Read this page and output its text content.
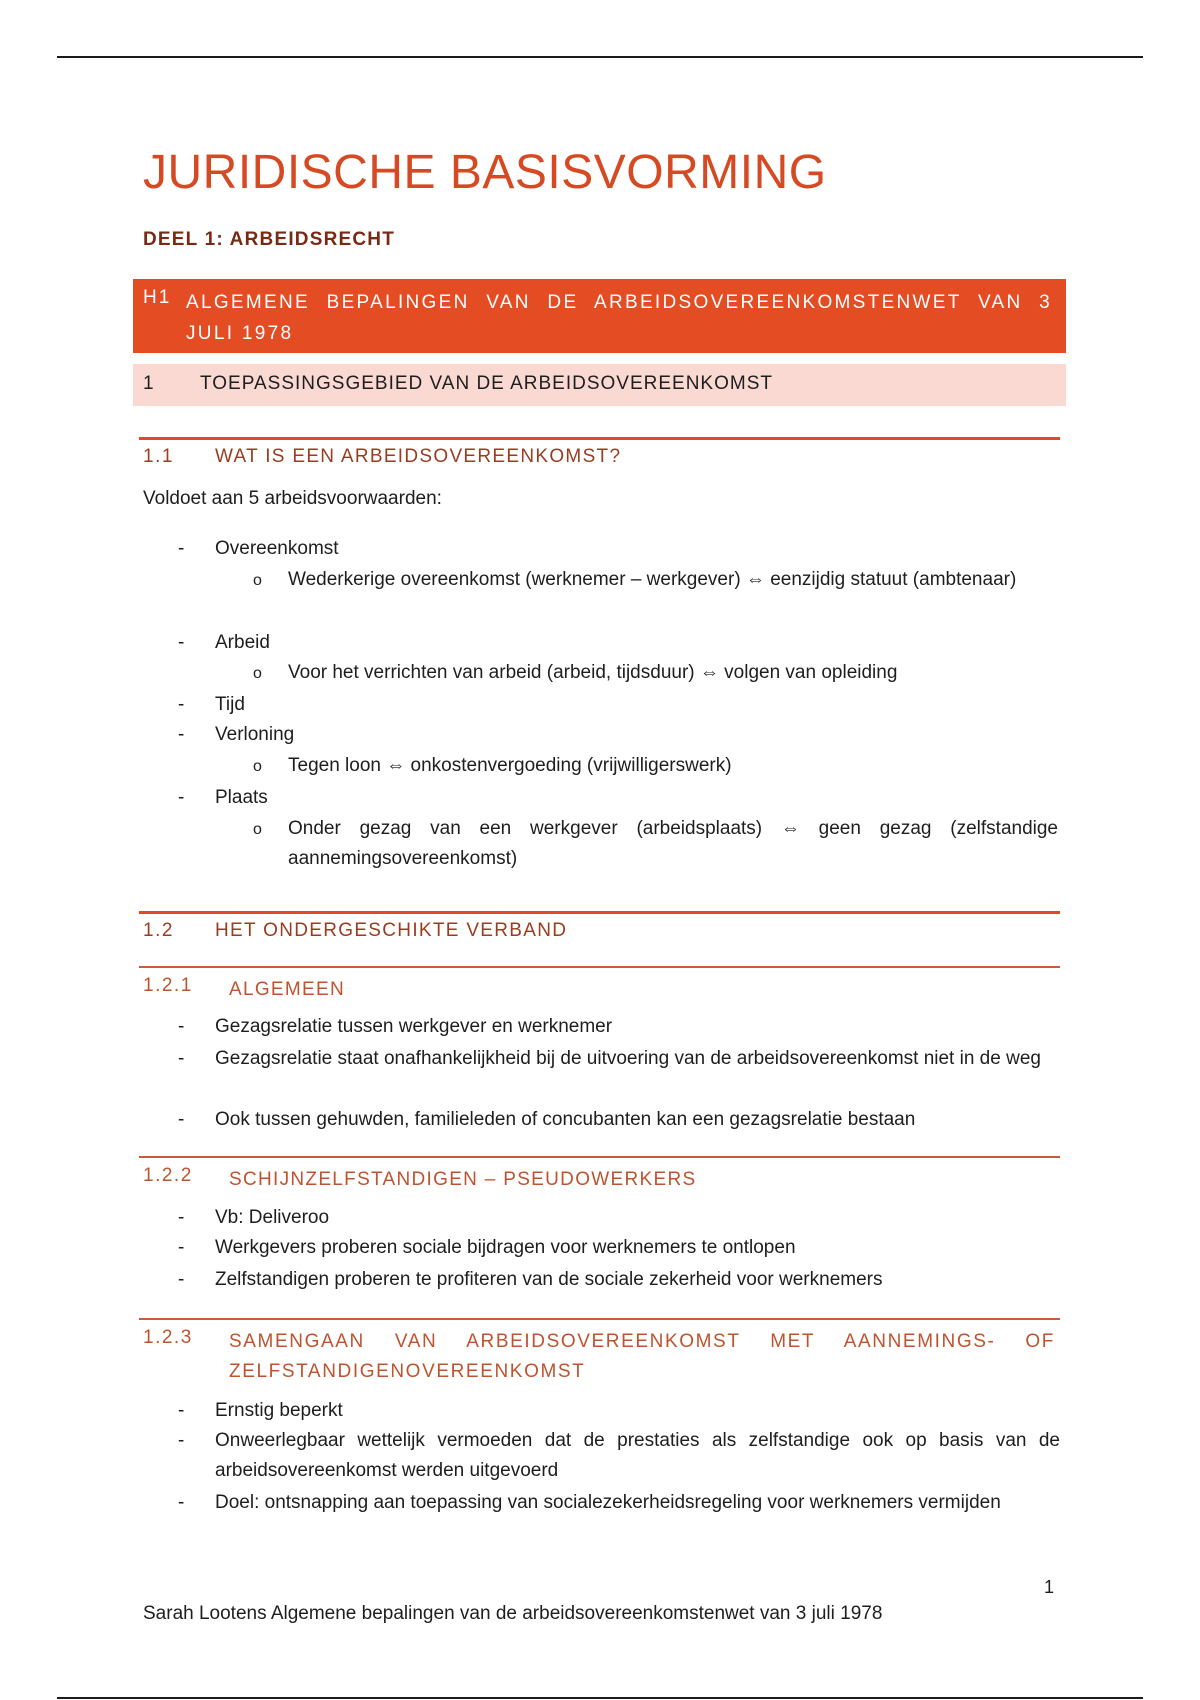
JURIDISCHE BASISVORMING
DEEL 1: ARBEIDSRECHT
H1 ALGEMENE BEPALINGEN VAN DE ARBEIDSOVEREENKOMSTENWET VAN 3 JULI 1978
1 TOEPASSINGSGEBIED VAN DE ARBEIDSOVEREENKOMST
1.1 WAT IS EEN ARBEIDSOVEREENKOMST?
Voldoet aan 5 arbeidsvoorwaarden:
- Overeenkomst
o Wederkerige overeenkomst (werknemer – werkgever) ⇔ eenzijdig statuut (ambtenaar)
- Arbeid
o Voor het verrichten van arbeid (arbeid, tijdsduur) ⇔ volgen van opleiding
- Tijd
- Verloning
o Tegen loon ⇔ onkostenvergoeding (vrijwilligerswerk)
- Plaats
o Onder gezag van een werkgever (arbeidsplaats) ⇔ geen gezag (zelfstandige aannemingsovereenkomst)
1.2 HET ONDERGESCHIKTE VERBAND
1.2.1 ALGEMEEN
- Gezagsrelatie tussen werkgever en werknemer
- Gezagsrelatie staat onafhankelijkheid bij de uitvoering van de arbeidsovereenkomst niet in de weg
- Ook tussen gehuwden, familieleden of concubanten kan een gezagsrelatie bestaan
1.2.2 SCHIJNZELFSTANDIGEN – PSEUDOWERKERS
- Vb: Deliveroo
- Werkgevers proberen sociale bijdragen voor werknemers te ontlopen
- Zelfstandigen proberen te profiteren van de sociale zekerheid voor werknemers
1.2.3 SAMENGAAN VAN ARBEIDSOVEREENKOMST MET AANNEMINGS- OF ZELFSTANDIGENOVEREENKOMST
- Ernstig beperkt
- Onweerlegbaar wettelijk vermoeden dat de prestaties als zelfstandige ook op basis van de arbeidsovereenkomst werden uitgevoerd
- Doel: ontsnapping aan toepassing van socialezekerheidsregeling voor werknemers vermijden
1
Sarah Lootens Algemene bepalingen van de arbeidsovereenkomstenwet van 3 juli 1978
